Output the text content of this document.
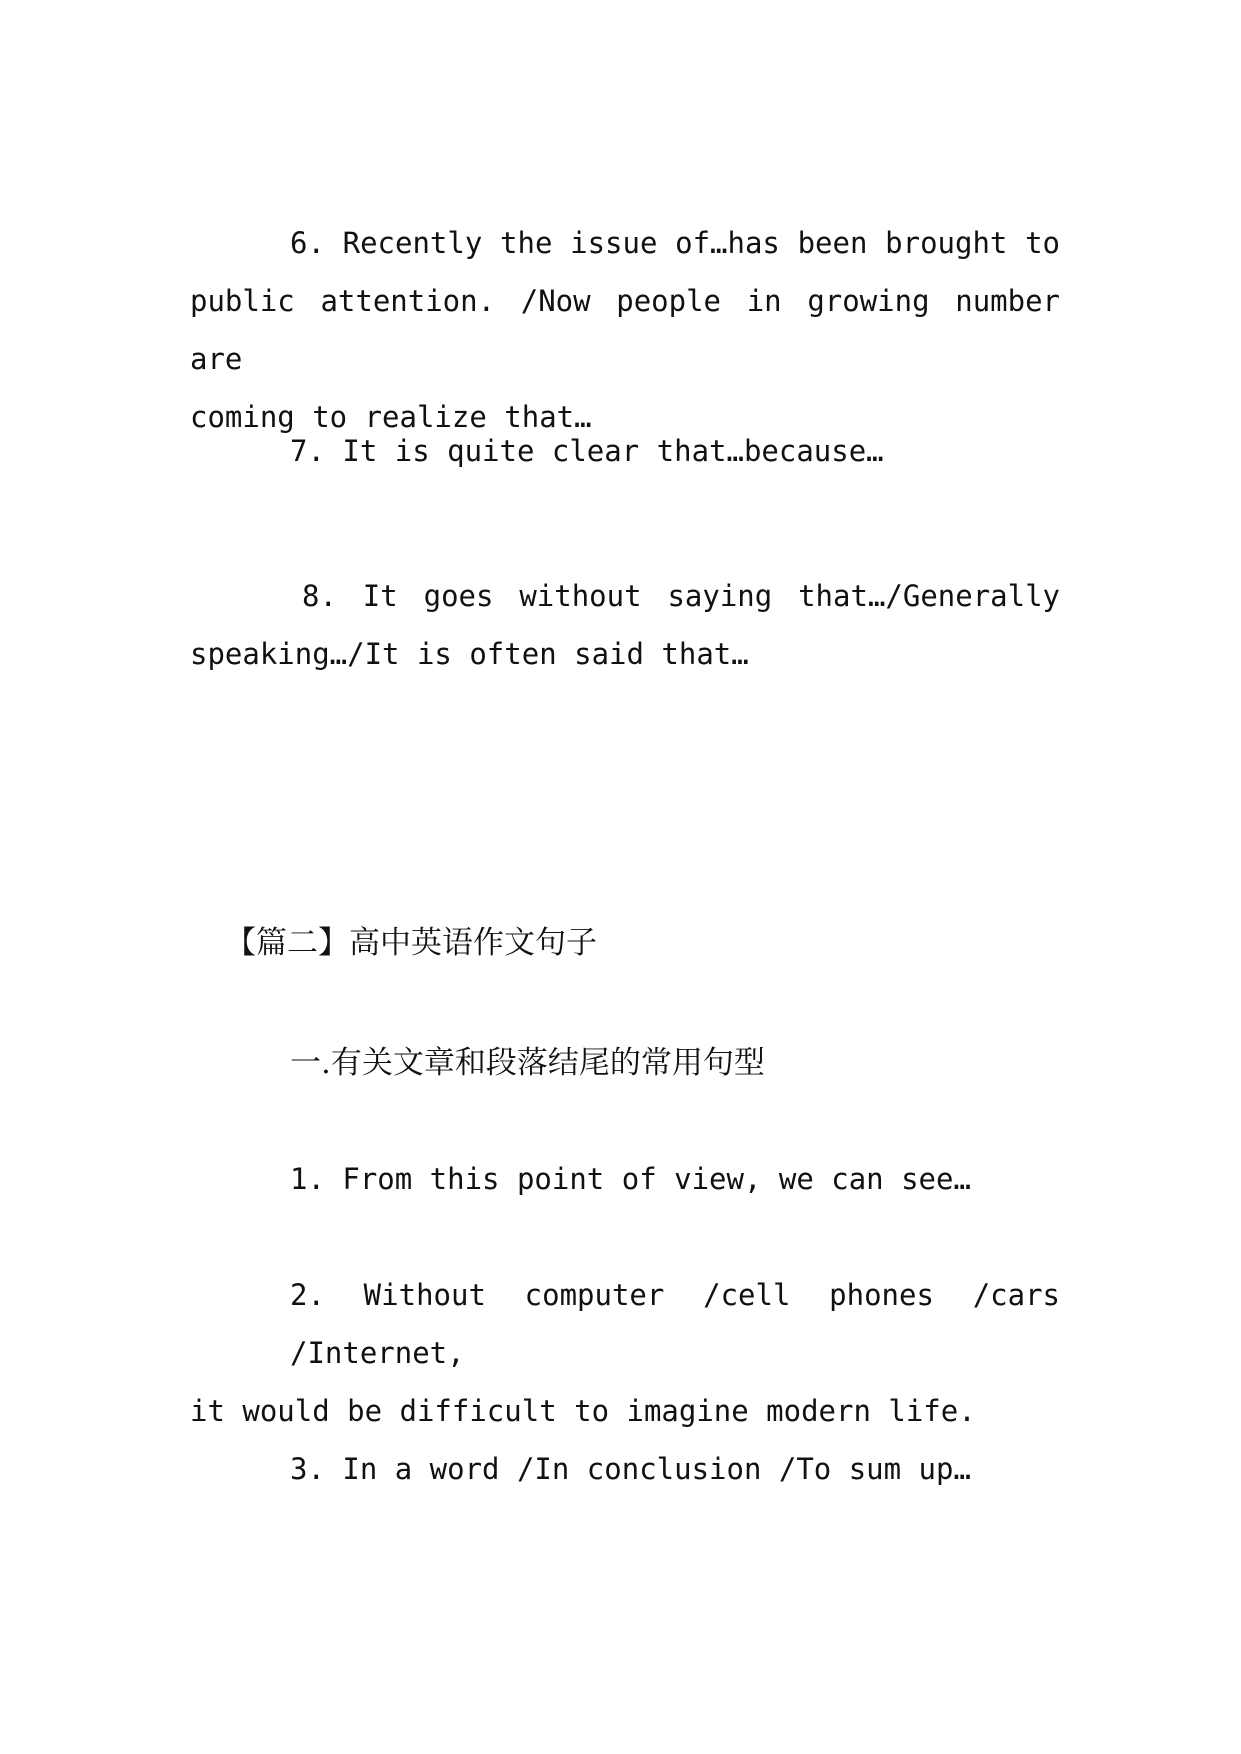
6. Recently the issue of…has been brought to
public attention. /Now people in growing number are
coming to realize that…
7. It is quite clear that…because…
8. It goes without saying that…/Generally
speaking…/It is often said that…
【篇二】高中英语作文句子

一.有关文章和段落结尾的常用句型

1. From this point of view, we can see…
2. Without computer /cell phones /cars /Internet,
it would be difficult to imagine modern life.
3. In a word /In conclusion /To sum up…
